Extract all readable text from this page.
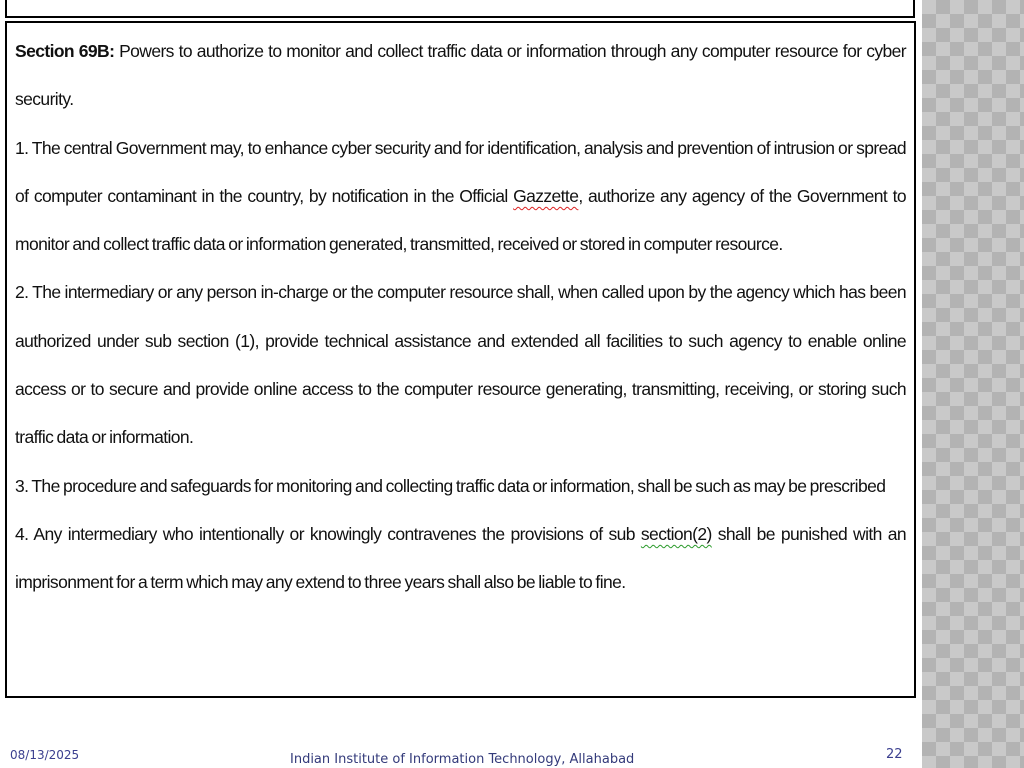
Section 69B: Powers to authorize to monitor and collect traffic data or information through any computer resource for cyber security.

1. The central Government may, to enhance cyber security and for identification, analysis and prevention of intrusion or spread of computer contaminant in the country, by notification in the Official Gazzette, authorize any agency of the Government to monitor and collect traffic data or information generated, transmitted, received or stored in computer resource.

2. The intermediary or any person in-charge or the computer resource shall, when called upon by the agency which has been authorized under sub section (1), provide technical assistance and extended all facilities to such agency to enable online access or to secure and provide online access to the computer resource generating, transmitting, receiving, or storing such traffic data or information.

3. The procedure and safeguards for monitoring and collecting traffic data or information, shall be such as may be prescribed

4. Any intermediary who intentionally or knowingly contravenes the provisions of sub section(2) shall be punished with an imprisonment for a term which may any extend to three years shall also be liable to fine.

08/13/2025	Indian Institute of Information Technology, Allahabad	22
